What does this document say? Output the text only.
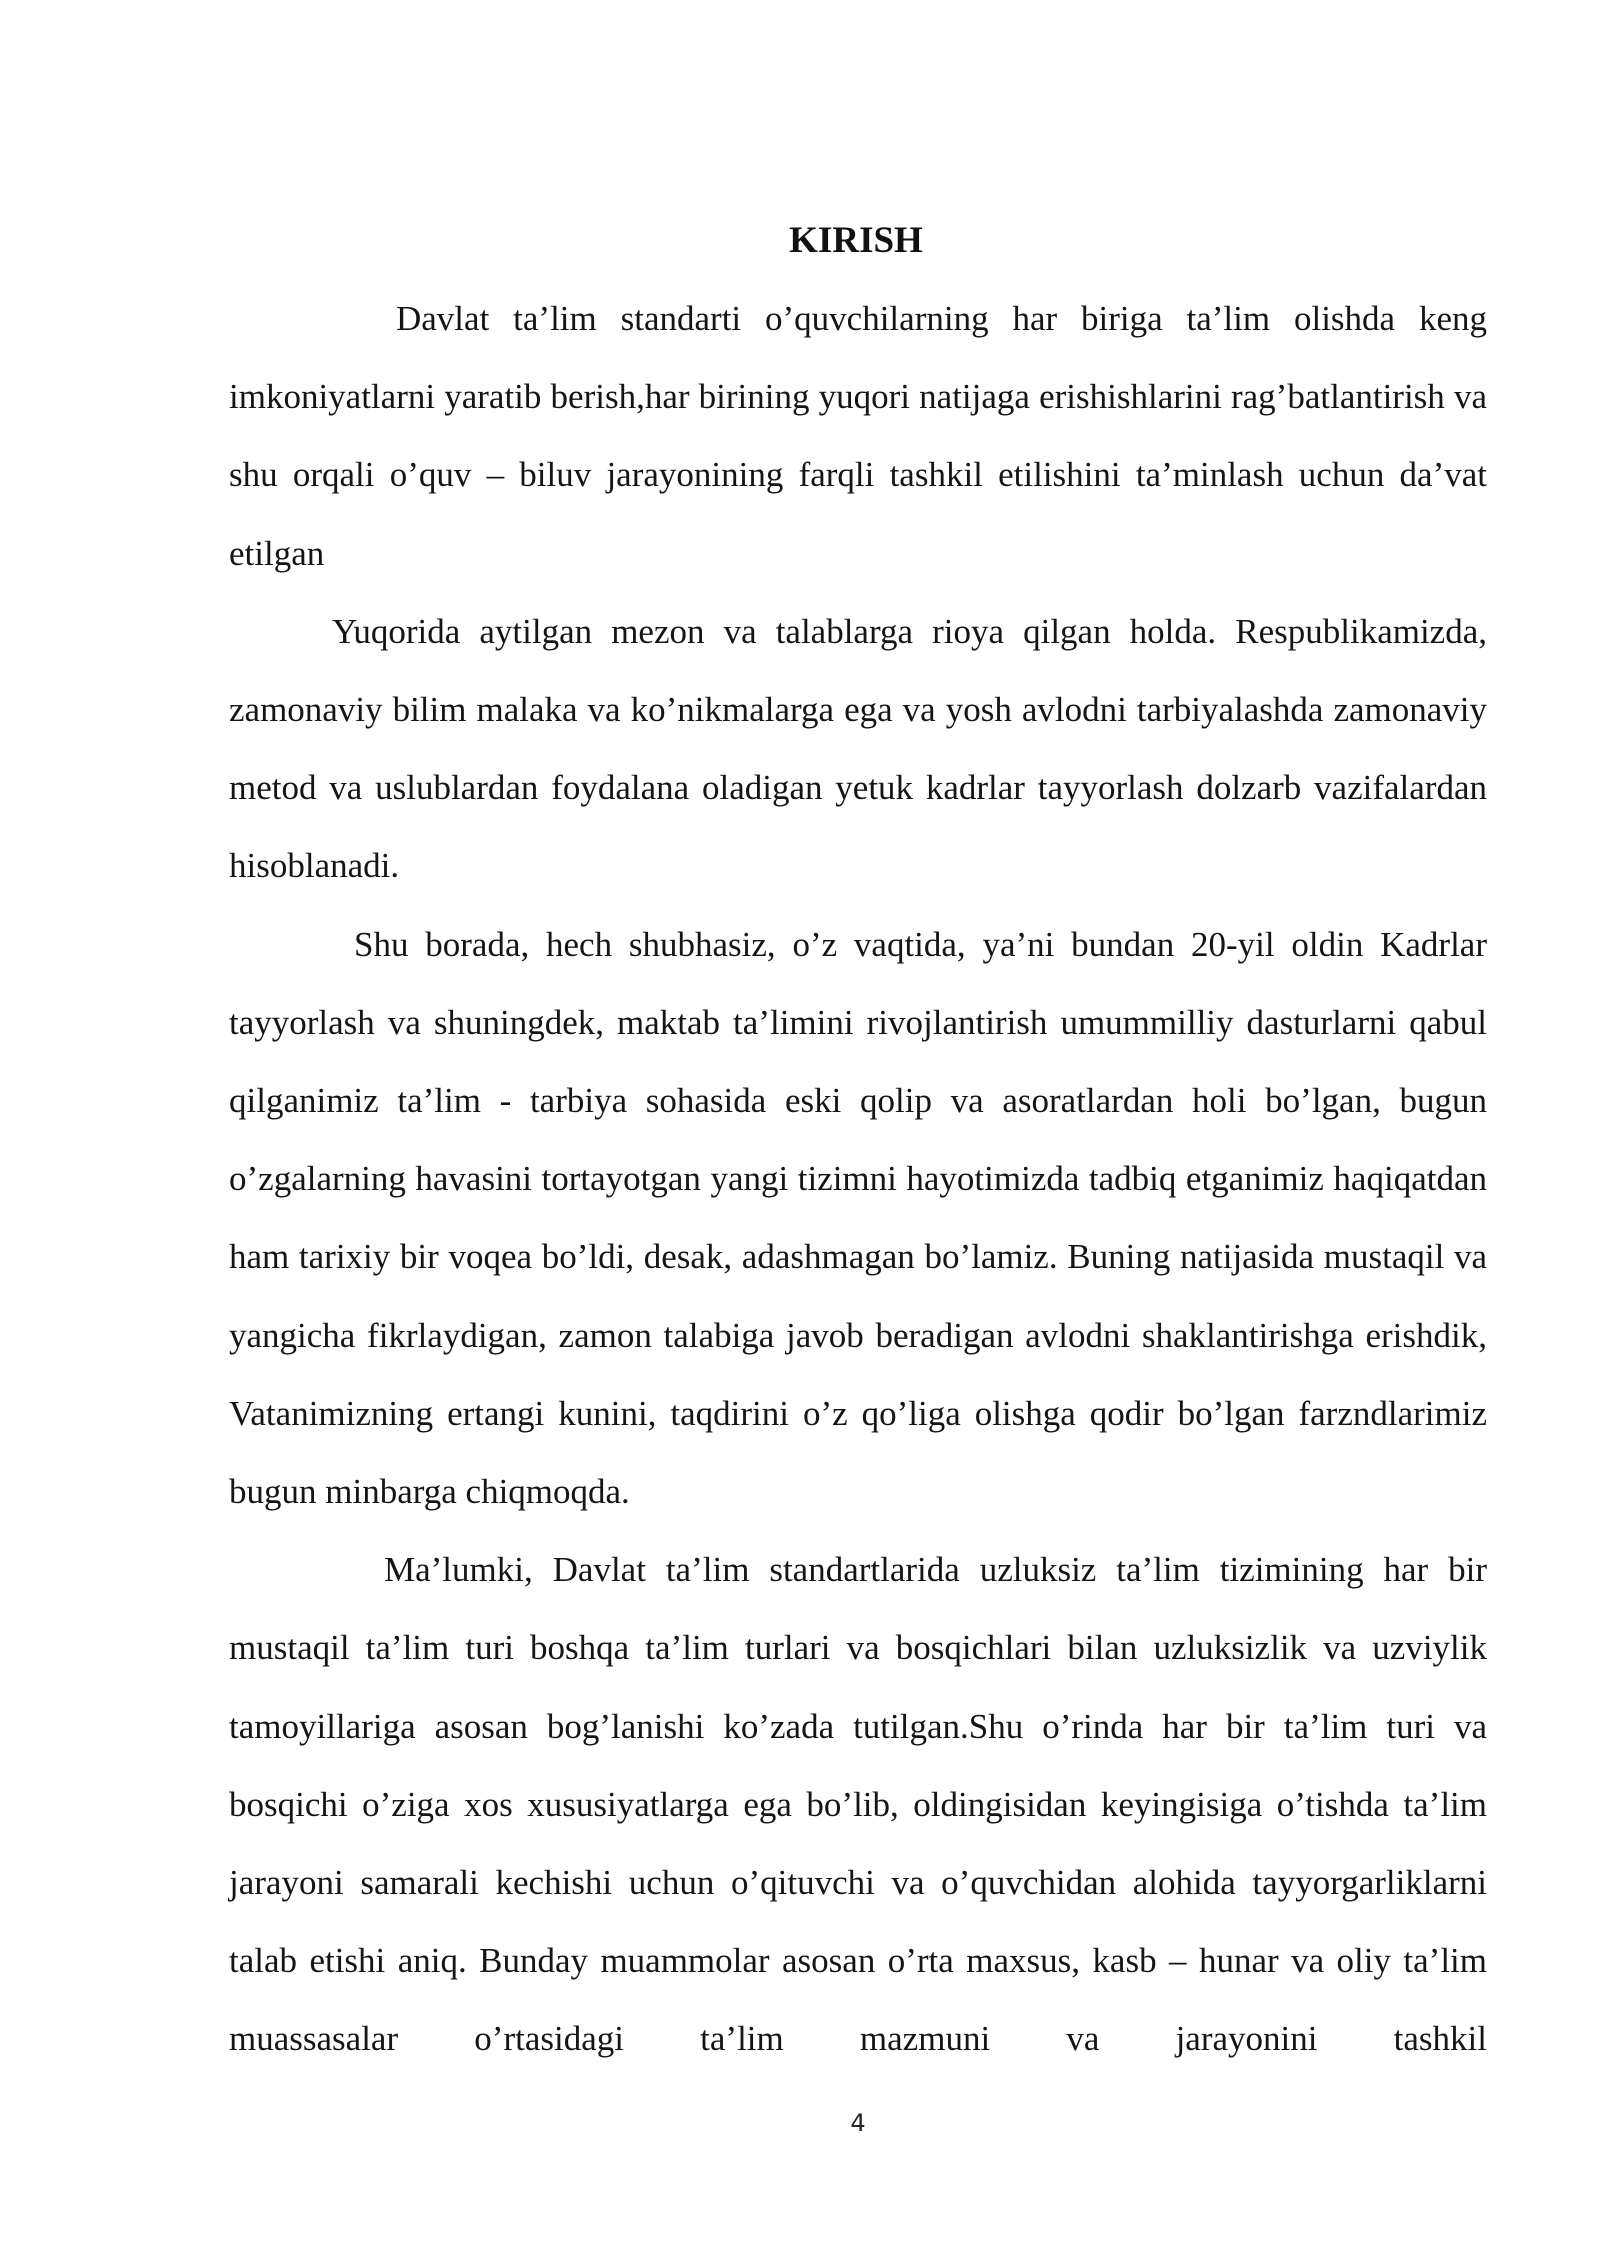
KIRISH

Davlat ta’lim standarti o’quvchilarning har biriga ta’lim olishda keng imkoniyatlarni yaratib berish,har birining yuqori natijaga erishishlarini rag’batlantirish va shu orqali o’quv – biluv jarayonining farqli tashkil etilishini ta’minlash uchun da’vat etilgan

Yuqorida aytilgan mezon va talablarga rioya qilgan holda. Respublikamizda, zamonaviy bilim malaka va ko’nikmalarga ega va yosh avlodni tarbiyalashda zamonaviy metod va uslublardan foydalana oladigan yetuk kadrlar tayyorlash dolzarb vazifalardan hisoblanadi.

Shu borada, hech shubhasiz, o’z vaqtida, ya’ni bundan 20-yil oldin Kadrlar tayyorlash va shuningdek, maktab ta’limini rivojlantirish umummilliy dasturlarni qabul qilganimiz ta’lim - tarbiya sohasida eski qolip va asoratlardan holi bo’lgan, bugun o’zgalarning havasini tortayotgan yangi tizimni hayotimizda tadbiq etganimiz haqiqatdan ham tarixiy bir voqea bo’ldi, desak, adashmagan bo’lamiz. Buning natijasida mustaqil va yangicha fikrlaydigan, zamon talabiga javob beradigan avlodni shaklantirishga erishdik, Vatanimizning ertangi kunini, taqdirini o’z qo’liga olishga qodir bo’lgan farzndlarimiz bugun minbarga chiqmoqda.

Ma’lumki, Davlat ta’lim standartlarida uzluksiz ta’lim tizimining har bir mustaqil ta’lim turi boshqa ta’lim turlari va bosqichlari bilan uzluksizlik va uzviylik tamoyillariga asosan bog’lanishi ko’zada tutilgan.Shu o’rinda har bir ta’lim turi va bosqichi o’ziga xos xususiyatlarga ega bo’lib, oldingisidan keyingisiga o’tishda ta’lim jarayoni samarali kechishi uchun o’qituvchi va o’quvchidan alohida tayyorgarliklarni talab etishi aniq. Bunday muammolar asosan o’rta maxsus, kasb – hunar va oliy ta’lim muassasalar o’rtasidagi ta’lim mazmuni va jarayonini tashkil

4
